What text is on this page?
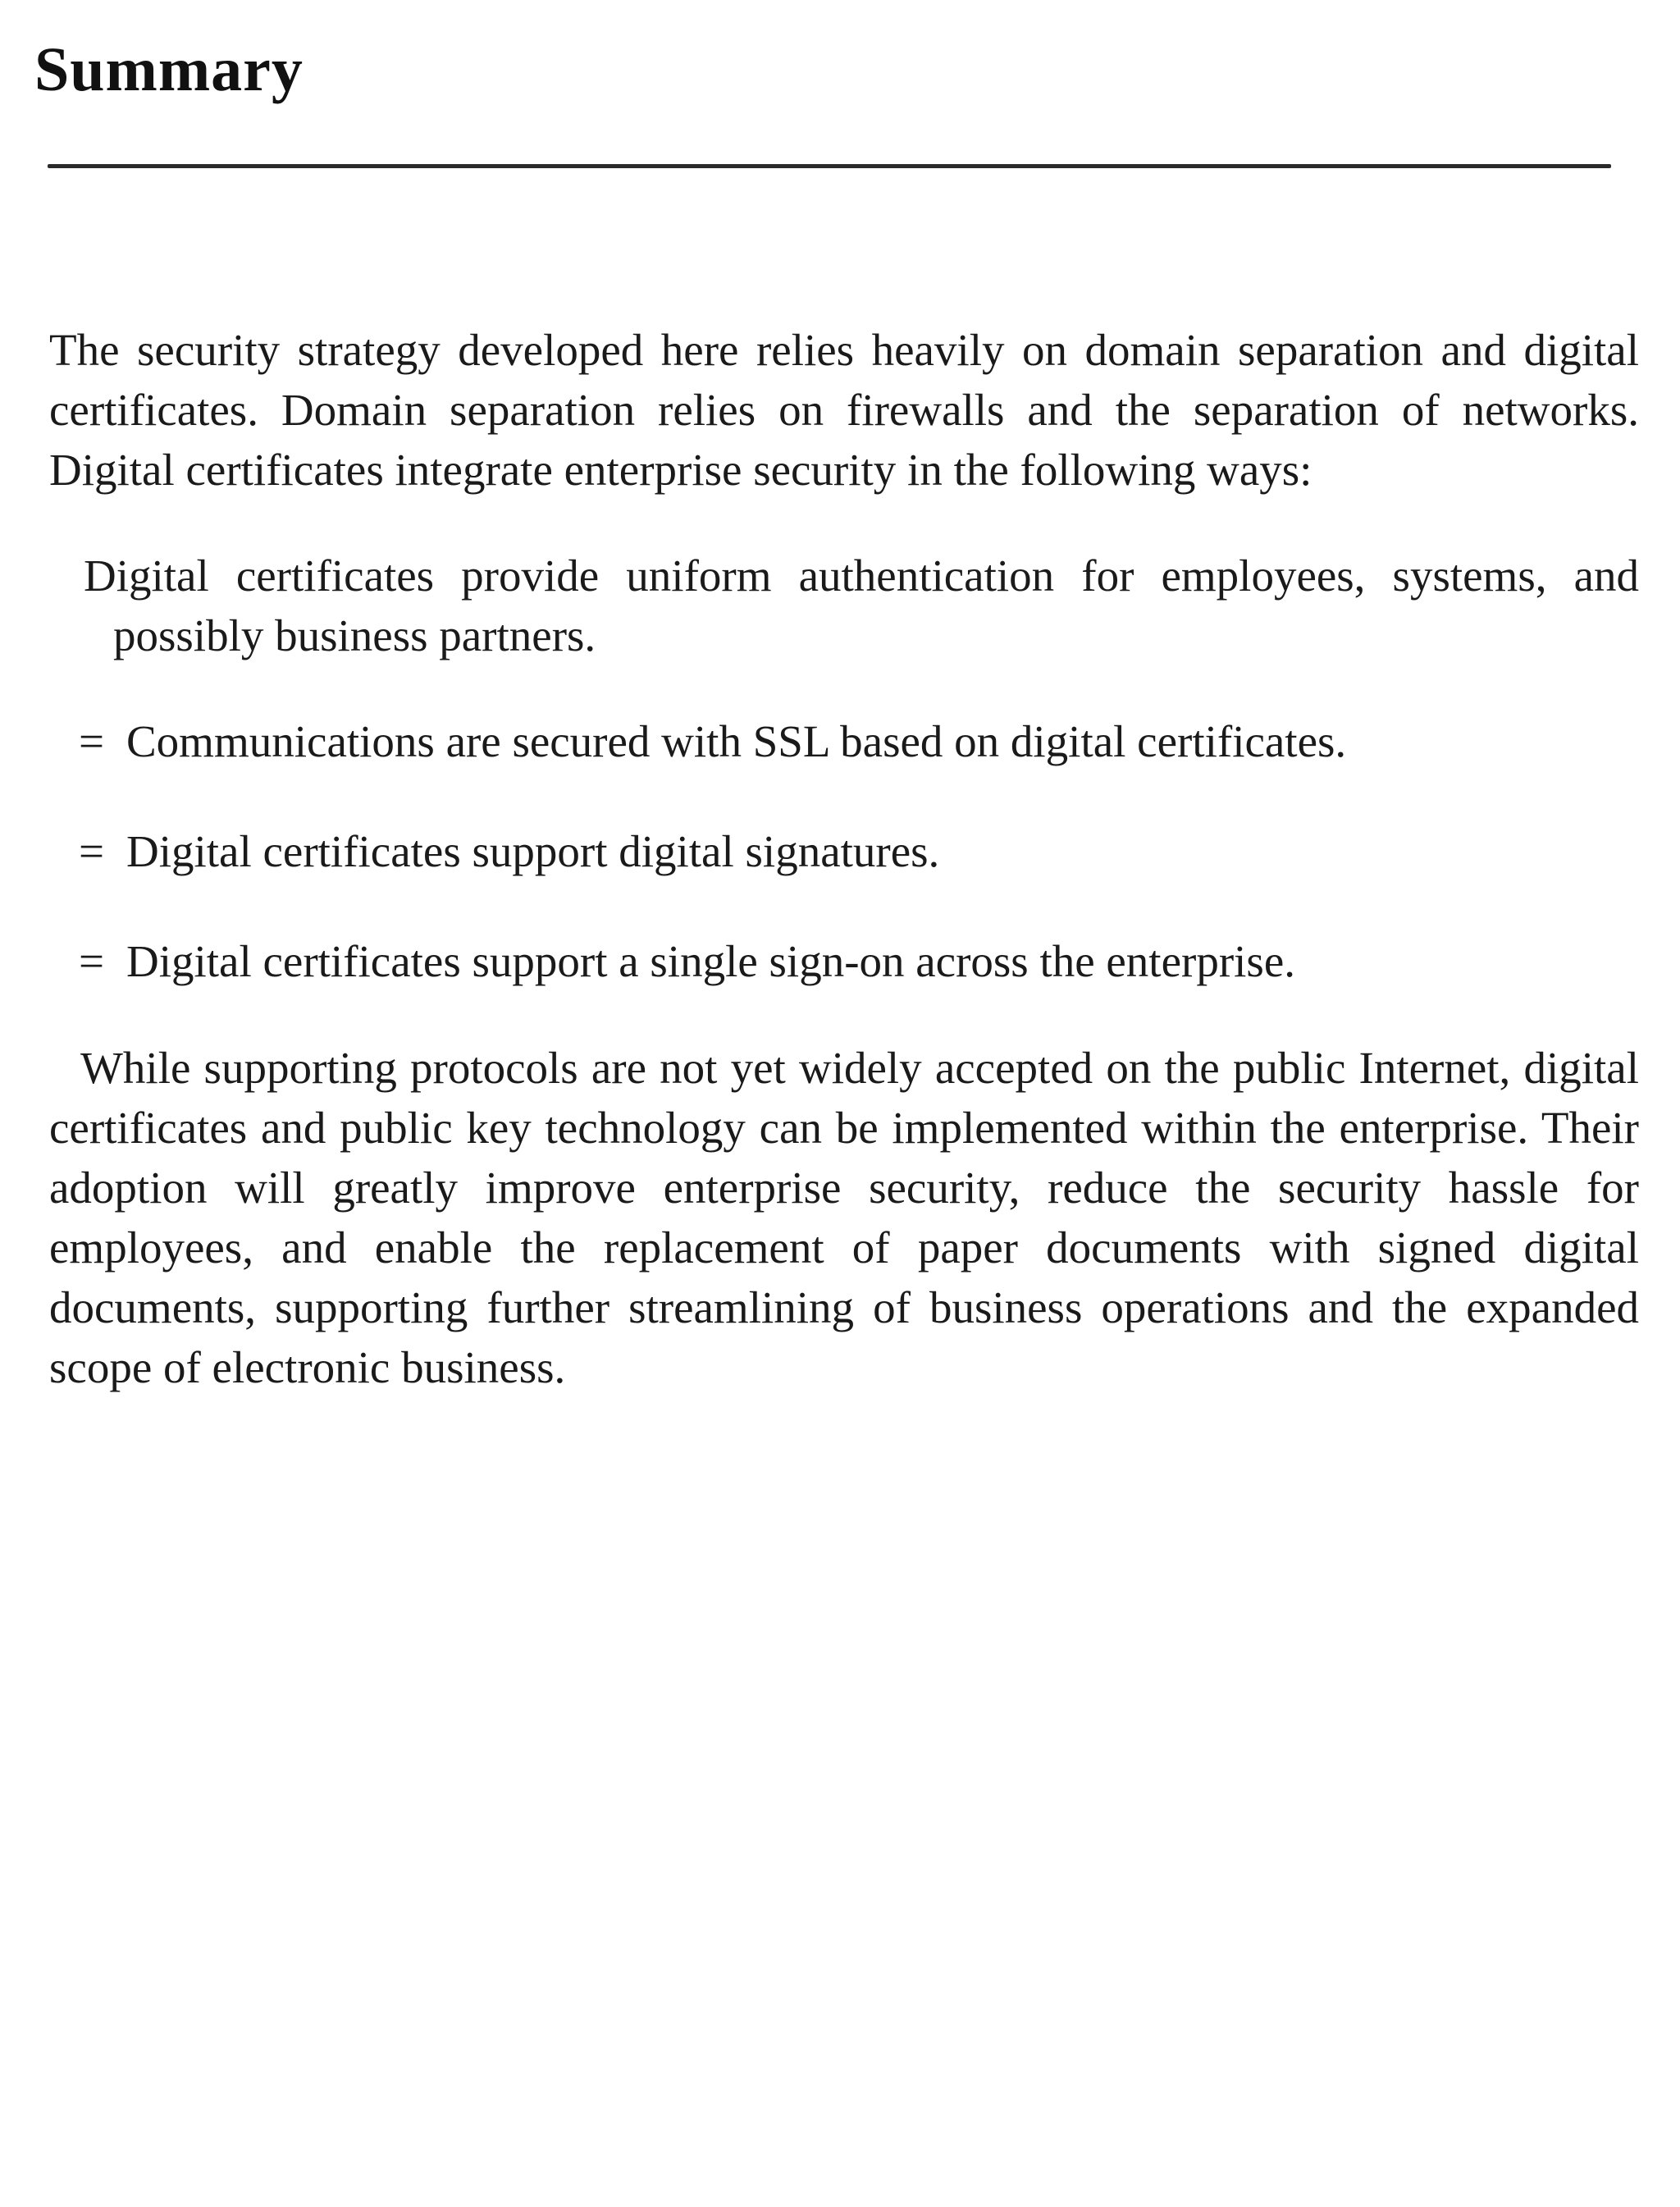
Summary

The security strategy developed here relies heavily on domain separation and digital certificates. Domain separation relies on firewalls and the separation of networks. Digital certificates integrate enterprise security in the following ways:

Digital certificates provide uniform authentication for employees, systems, and possibly business partners.

= Communications are secured with SSL based on digital certificates.
= Digital certificates support digital signatures.
= Digital certificates support a single sign-on across the enterprise.

While supporting protocols are not yet widely accepted on the public Internet, digital certificates and public key technology can be implemented within the enterprise. Their adoption will greatly improve enterprise security, reduce the security hassle for employees, and enable the replacement of paper documents with signed digital documents, supporting further streamlining of business operations and the expanded scope of electronic business.
